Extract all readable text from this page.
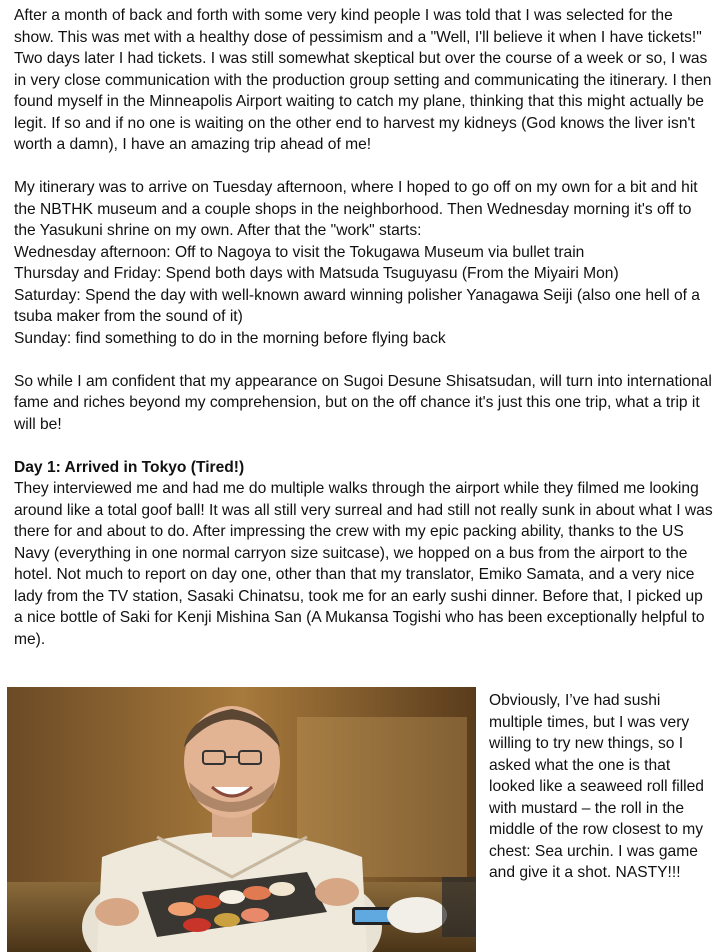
After a month of back and forth with some very kind people I was told that I was selected for the show. This was met with a healthy dose of pessimism and a "Well, I'll believe it when I have tickets!" Two days later I had tickets. I was still somewhat skeptical but over the course of a week or so, I was in very close communication with the production group setting and communicating the itinerary. I then found myself in the Minneapolis Airport waiting to catch my plane, thinking that this might actually be legit. If so and if no one is waiting on the other end to harvest my kidneys (God knows the liver isn't worth a damn), I have an amazing trip ahead of me!

My itinerary was to arrive on Tuesday afternoon, where I hoped to go off on my own for a bit and hit the NBTHK museum and a couple shops in the neighborhood. Then Wednesday morning it's off to the Yasukuni shrine on my own. After that the "work" starts:

Wednesday afternoon: Off to Nagoya to visit the Tokugawa Museum via bullet train

Thursday and Friday: Spend both days with Matsuda Tsuguyasu (From the Miyairi Mon)

Saturday: Spend the day with well-known award winning polisher Yanagawa Seiji (also one hell of a tsuba maker from the sound of it)

Sunday: find something to do in the morning before flying back

So while I am confident that my appearance on Sugoi Desune Shisatsudan, will turn into international fame and riches beyond my comprehension, but on the off chance it's just this one trip, what a trip it will be!

Day 1: Arrived in Tokyo (Tired!)

They interviewed me and had me do multiple walks through the airport while they filmed me looking around like a total goof ball! It was all still very surreal and had still not really sunk in about what I was there for and about to do. After impressing the crew with my epic packing ability, thanks to the US Navy (everything in one normal carryon size suitcase), we hopped on a bus from the airport to the hotel. Not much to report on day one, other than that my translator, Emiko Samata, and a very nice lady from the TV station, Sasaki Chinatsu, took me for an early sushi dinner. Before that, I picked up a nice bottle of Saki for Kenji Mishina San (A Mukansa Togishi who has been exceptionally helpful to me).

Obviously, I’ve had sushi multiple times, but I was very willing to try new things, so I asked what the one is that looked like a seaweed roll filled with mustard – the roll in the middle of the row closest to my chest: Sea urchin. I was game and give it a shot. NASTY!!!
